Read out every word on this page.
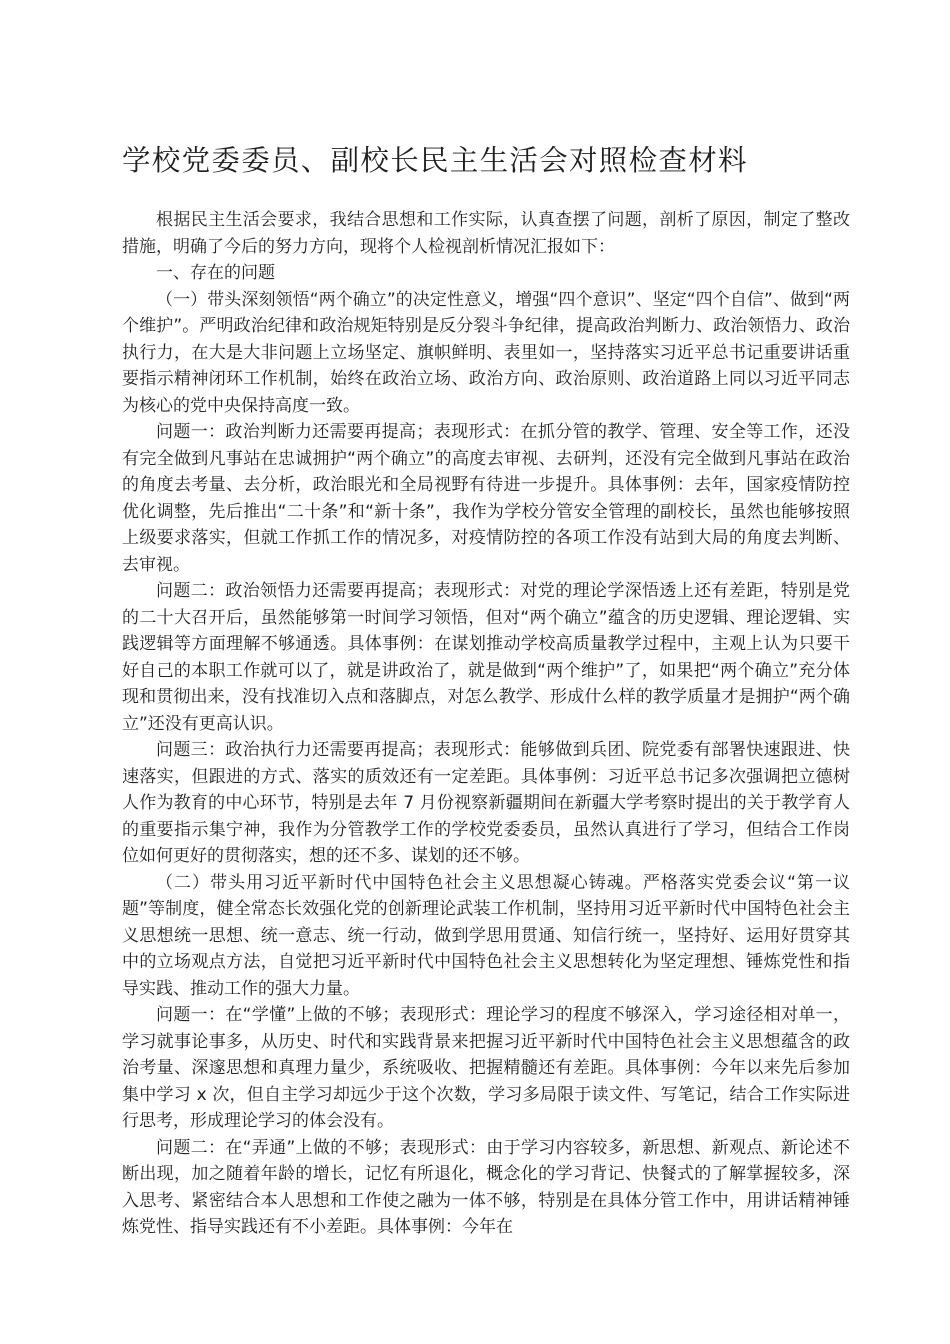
学校党委委员、副校长民主生活会对照检查材料

根据民主生活会要求，我结合思想和工作实际，认真查摆了问题，剖析了原因，制定了整改措施，明确了今后的努力方向，现将个人检视剖析情况汇报如下：

一、存在的问题

（一）带头深刻领悟“两个确立”的决定性意义，增强“四个意识”、坚定“四个自信”、做到“两个维护”。严明政治纪律和政治规矩特别是反分裂斗争纪律，提高政治判断力、政治领悟力、政治执行力，在大是大非问题上立场坚定、旗帜鲜明、表里如一，坚持落实习近平总书记重要讲话重要指示精神闭环工作机制，始终在政治立场、政治方向、政治原则、政治道路上同以习近平同志为核心的党中央保持高度一致。

问题一：政治判断力还需要再提高；表现形式：在抓分管的教学、管理、安全等工作，还没有完全做到凡事站在忠诚拥护“两个确立”的高度去审视、去研判，还没有完全做到凡事站在政治的角度去考量、去分析，政治眼光和全局视野有待进一步提升。具体事例：去年，国家疫情防控优化调整，先后推出“二十条”和“新十条”，我作为学校分管安全管理的副校长，虽然也能够按照上级要求落实，但就工作抓工作的情况多，对疫情防控的各项工作没有站到大局的角度去判断、去审视。

问题二：政治领悟力还需要再提高；表现形式：对党的理论学深悟透上还有差距，特别是党的二十大召开后，虽然能够第一时间学习领悟，但对“两个确立”蕴含的历史逻辑、理论逻辑、实践逻辑等方面理解不够通透。具体事例：在谋划推动学校高质量教学过程中，主观上认为只要干好自己的本职工作就可以了，就是讲政治了，就是做到“两个维护”了，如果把“两个确立”充分体现和贯彻出来，没有找准切入点和落脚点，对怎么教学、形成什么样的教学质量才是拥护“两个确立”还没有更高认识。

问题三：政治执行力还需要再提高；表现形式：能够做到兵团、院党委有部署快速跟进、快速落实，但跟进的方式、落实的质效还有一定差距。具体事例：习近平总书记多次强调把立德树人作为教育的中心环节，特别是去年 7 月份视察新疆期间在新疆大学考察时提出的关于教学育人的重要指示集宁神，我作为分管教学工作的学校党委委员，虽然认真进行了学习，但结合工作岗位如何更好的贯彻落实，想的还不多、谋划的还不够。

（二）带头用习近平新时代中国特色社会主义思想凝心铸魂。严格落实党委会议“第一议题”等制度，健全常态长效强化党的创新理论武装工作机制，坚持用习近平新时代中国特色社会主义思想统一思想、统一意志、统一行动，做到学思用贯通、知信行统一，坚持好、运用好贯穿其中的立场观点方法，自觉把习近平新时代中国特色社会主义思想转化为坚定理想、锤炼党性和指导实践、推动工作的强大力量。

问题一：在“学懂”上做的不够；表现形式：理论学习的程度不够深入，学习途径相对单一，学习就事论事多，从历史、时代和实践背景来把握习近平新时代中国特色社会主义思想蕴含的政治考量、深邃思想和真理力量少，系统吸收、把握精髓还有差距。具体事例：今年以来先后参加集中学习 x 次，但自主学习却远少于这个次数，学习多局限于读文件、写笔记，结合工作实际进行思考，形成理论学习的体会没有。

问题二：在“弄通”上做的不够；表现形式：由于学习内容较多，新思想、新观点、新论述不断出现，加之随着年龄的增长，记忆有所退化，概念化的学习背记、快餐式的了解掌握较多，深入思考、紧密结合本人思想和工作使之融为一体不够，特别是在具体分管工作中，用讲话精神锤炼党性、指导实践还有不小差距。具体事例：今年在
